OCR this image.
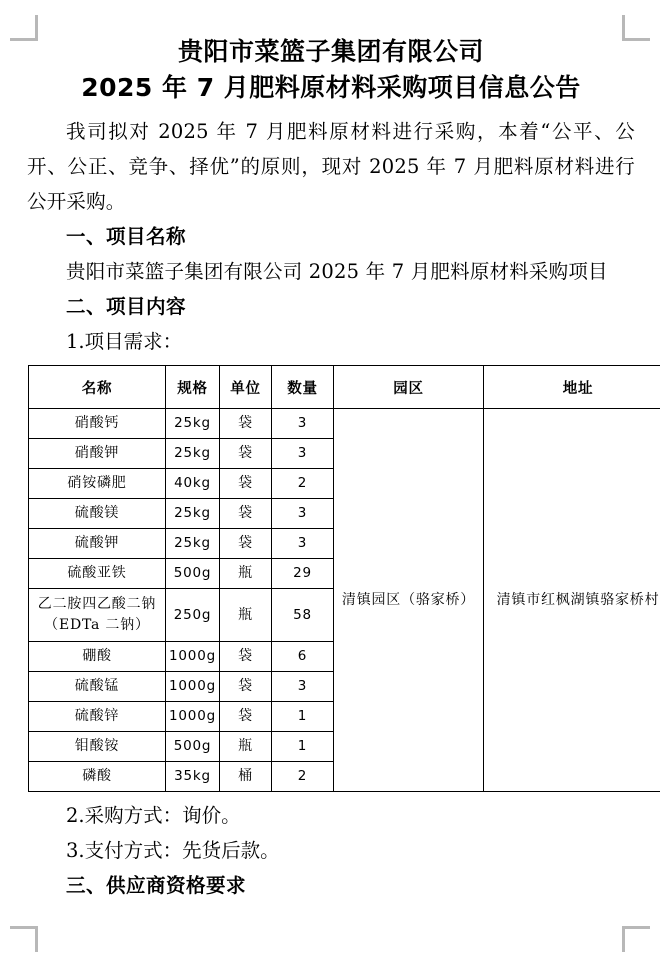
贵阳市菜篮子集团有限公司
2025 年 7 月肥料原材料采购项目信息公告

我司拟对 2025 年 7 月肥料原材料进行采购，本着“公平、公开、公正、竞争、择优”的原则，现对 2025 年 7 月肥料原材料进行公开采购。

一、项目名称

贵阳市菜篮子集团有限公司 2025 年 7 月肥料原材料采购项目

二、项目内容

1.项目需求：

名称	规格	单位	数量	园区	地址
硝酸钙	25kg	袋	3	清镇园区（骆家桥）	清镇市红枫湖镇骆家桥村
硝酸钾	25kg	袋	3		
硝铵磷肥	40kg	袋	2		
硫酸镁	25kg	袋	3		
硫酸钾	25kg	袋	3		
硫酸亚铁	500g	瓶	29		
乙二胺四乙酸二钠（EDTa 二钠）	250g	瓶	58		
硼酸	1000g	袋	6		
硫酸锰	1000g	袋	3		
硫酸锌	1000g	袋	1		
钼酸铵	500g	瓶	1		
磷酸	35kg	桶	2		

2.采购方式：询价。

3.支付方式：先货后款。

三、供应商资格要求
